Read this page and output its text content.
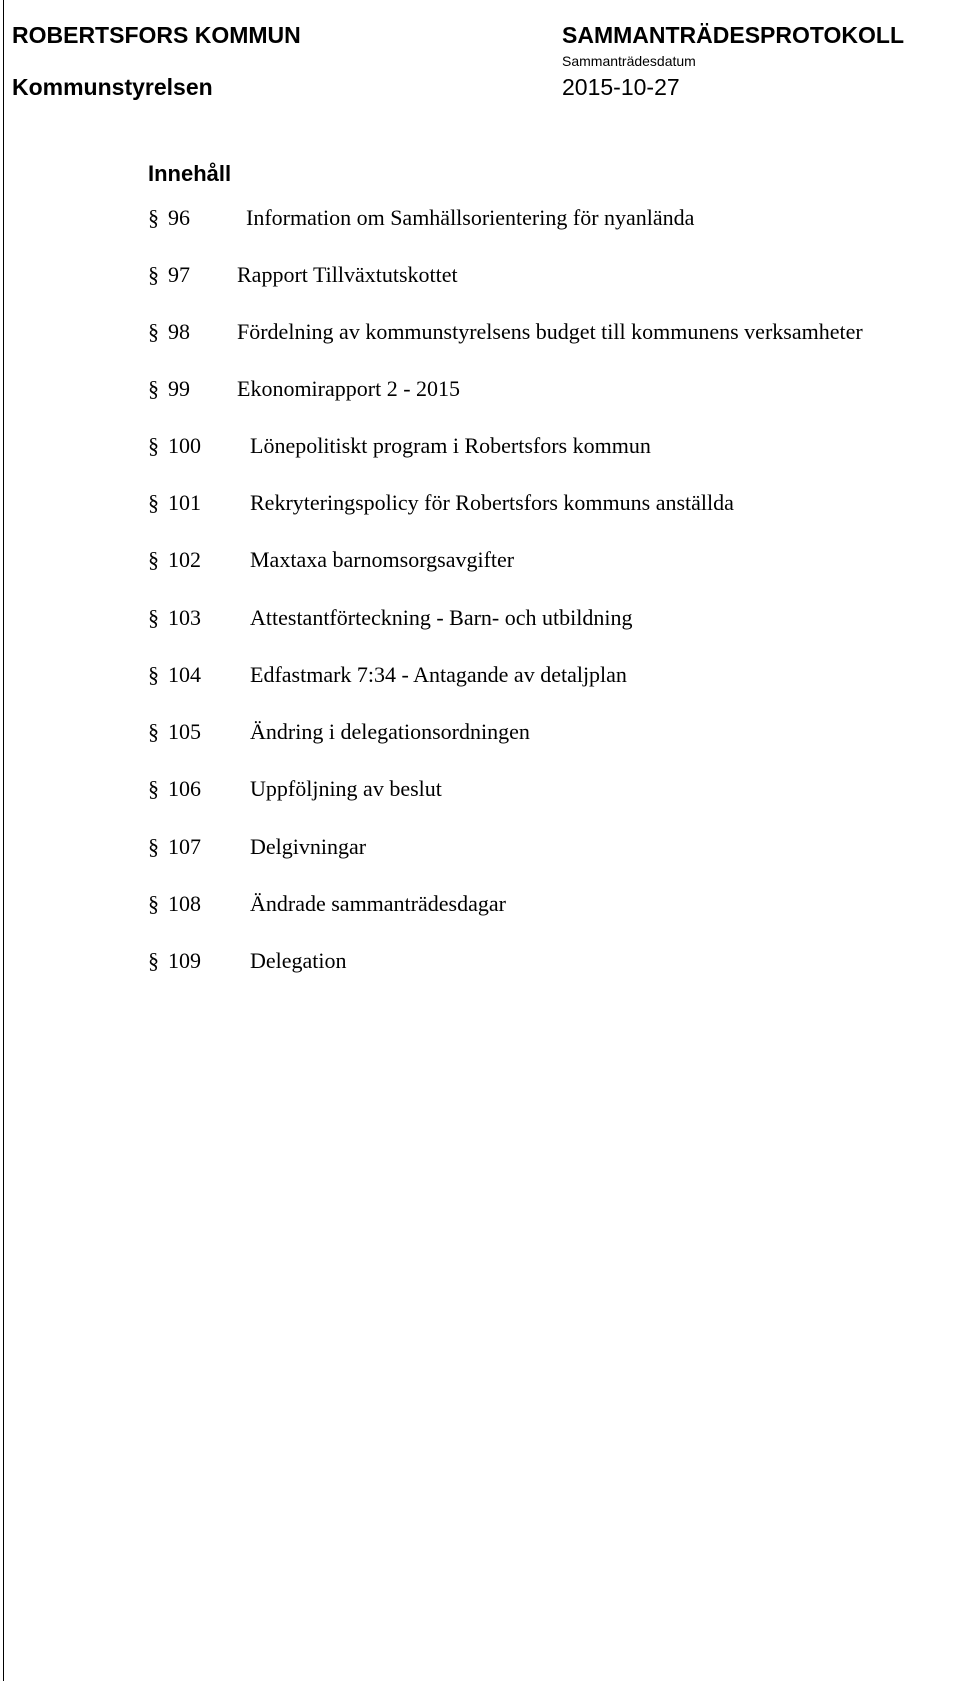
ROBERTSFORS KOMMUN
Kommunstyrelsen
SAMMANTRÄDESPROTOKOLL
Sammanträdesdatum
2015-10-27
Innehåll
§ 96	Information om Samhällsorientering för nyanlända
§ 97 Rapport Tillväxtutskottet
§ 98 Fördelning av kommunstyrelsens budget till kommunens verksamheter
§ 99 Ekonomirapport 2 - 2015
§ 100 Lönepolitiskt program i Robertsfors kommun
§ 101 Rekryteringspolicy för Robertsfors kommuns anställda
§ 102 Maxtaxa barnomsorgsavgifter
§ 103 Attestantförteckning - Barn- och utbildning
§ 104 Edfastmark 7:34 - Antagande av detaljplan
§ 105 Ändring i delegationsordningen
§ 106 Uppföljning av beslut
§ 107 Delgivningar
§ 108 Ändrade sammanträdesdagar
§ 109 Delegation
